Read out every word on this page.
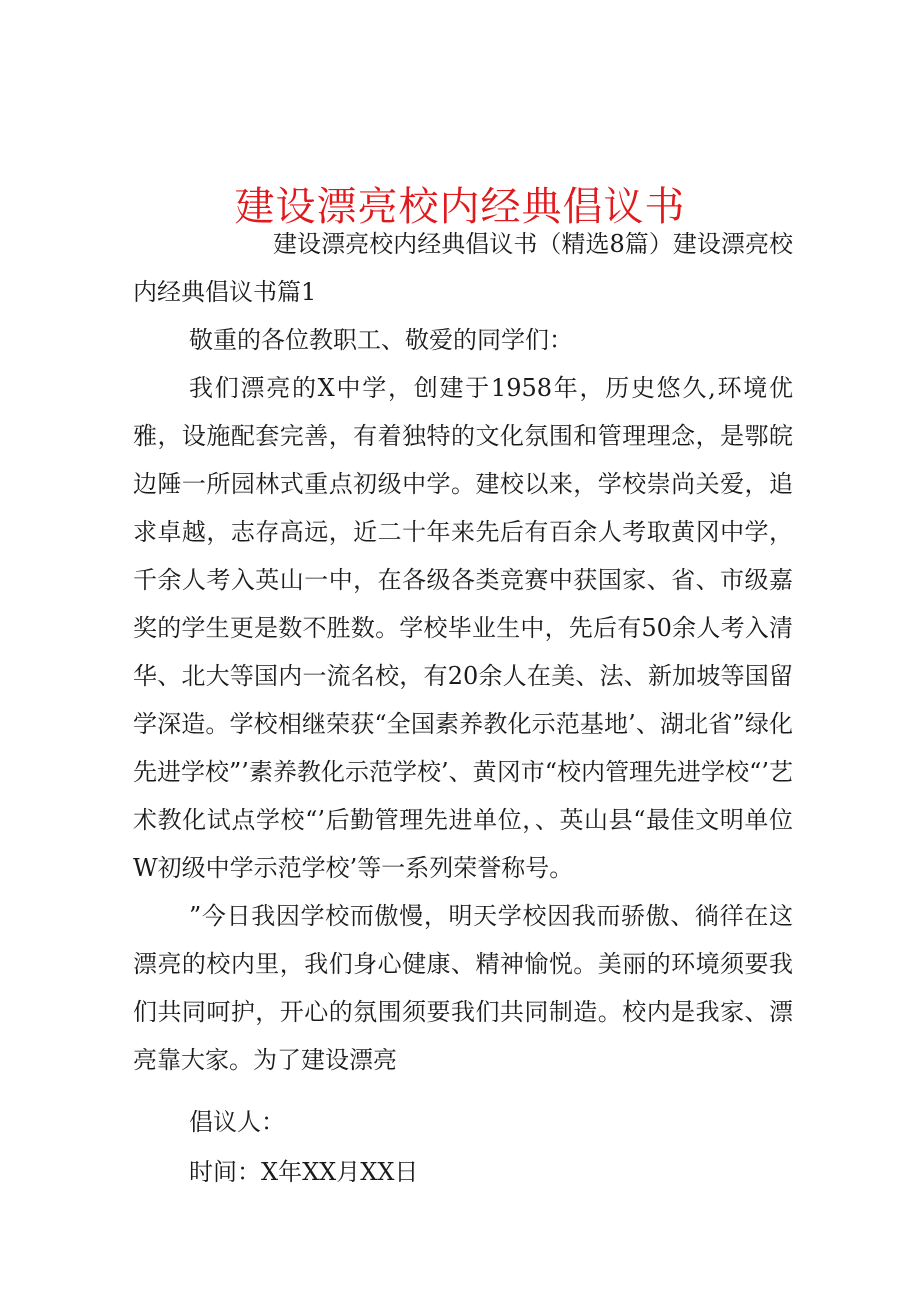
建设漂亮校内经典倡议书

建设漂亮校内经典倡议书（精选8篇）建设漂亮校内经典倡议书篇1

敬重的各位教职工、敬爱的同学们：

我们漂亮的X中学，创建于1958年，历史悠久,环境优雅，设施配套完善，有着独特的文化氛围和管理理念，是鄂皖边陲一所园林式重点初级中学。建校以来，学校崇尚关爱，追求卓越，志存高远，近二十年来先后有百余人考取黄冈中学，千余人考入英山一中，在各级各类竞赛中获国家、省、市级嘉奖的学生更是数不胜数。学校毕业生中，先后有50余人考入清华、北大等国内一流名校，有20余人在美、法、新加坡等国留学深造。学校相继荣获“全国素养教化示范基地’、湖北省”绿化先进学校”’素养教化示范学校’、黄冈市“校内管理先进学校“’艺术教化试点学校“’后勤管理先进单位，、英山县“最佳文明单位W初级中学示范学校’等一系列荣誉称号。

”今日我因学校而傲慢，明天学校因我而骄傲、徜徉在这漂亮的校内里，我们身心健康、精神愉悦。美丽的环境须要我们共同呵护，开心的氛围须要我们共同制造。校内是我家、漂亮靠大家。为了建设漂亮

倡议人：

时间：X年XX月XX日
